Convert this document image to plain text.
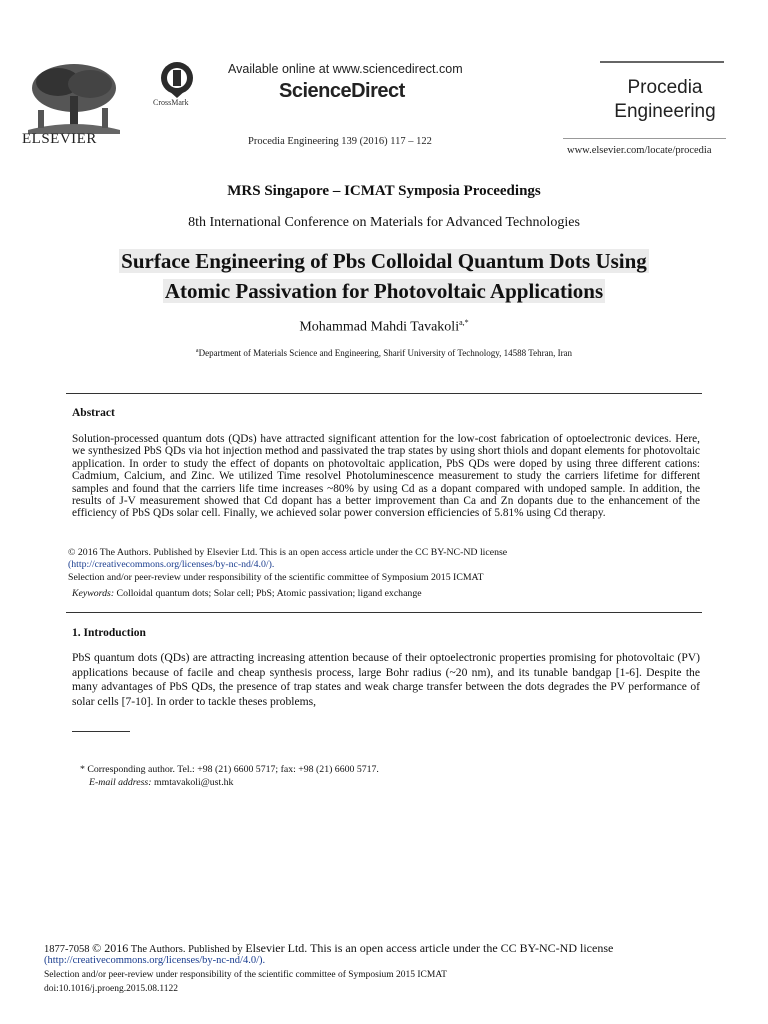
ELSEVIER
CrossMark
Available online at www.sciencedirect.com
ScienceDirect
Procedia Engineering 139 (2016) 117 – 122
Procedia
Engineering
www.elsevier.com/locate/procedia
MRS Singapore – ICMAT Symposia Proceedings
8th International Conference on Materials for Advanced Technologies
Surface Engineering of Pbs Colloidal Quantum Dots Using
Atomic Passivation for Photovoltaic Applications
Mohammad Mahdi Tavakoli$^{a,*}$
$^a$Department of Materials Science and Engineering, Sharif University of Technology, 14588 Tehran, Iran
Abstract
Solution-processed quantum dots (QDs) have attracted significant attention for the low-cost fabrication of optoelectronic devices. Here, we synthesized PbS QDs via hot injection method and passivated the trap states by using short thiols and dopant elements for photovoltaic application. In order to study the effect of dopants on photovoltaic application, PbS QDs were doped by using three different cations: Cadmium, Calcium, and Zinc. We utilized Time resolvel Photoluminescence measurement to study the carriers lifetime for different samples and found that the carriers life time increases ~80% by using Cd as a dopant compared with undoped sample. In addition, the results of J-V measurement showed that Cd dopant has a better improvement than Ca and Zn dopants due to the enhancement of the efficiency of PbS QDs solar cell. Finally, we achieved solar power conversion efficiencies of 5.81% using Cd therapy.
© 2016 The Authors. Published by Elsevier Ltd. This is an open access article under the CC BY-NC-ND license
(http://creativecommons.org/licenses/by-nc-nd/4.0/).
Selection and/or peer-review under responsibility of the scientific committee of Symposium 2015 ICMAT
Keywords: Colloidal quantum dots; Solar cell; PbS; Atomic passivation; ligand exchange
1. Introduction
PbS quantum dots (QDs) are attracting increasing attention because of their optoelectronic properties promising for photovoltaic (PV) applications because of facile and cheap synthesis process, large Bohr radius (~20 nm), and its tunable bandgap [1-6]. Despite the many advantages of PbS QDs, the presence of trap states and weak charge transfer between the dots degrades the PV performance of solar cells [7-10]. In order to tackle theses problems,
* Corresponding author. Tel.: +98 (21) 6600 5717; fax: +98 (21) 6600 5717.
E-mail address: mmtavakoli@ust.hk
1877-7058 © 2016 The Authors. Published by Elsevier Ltd. This is an open access article under the CC BY-NC-ND license
(http://creativecommons.org/licenses/by-nc-nd/4.0/).
Selection and/or peer-review under responsibility of the scientific committee of Symposium 2015 ICMAT
doi:10.1016/j.proeng.2015.08.1122
